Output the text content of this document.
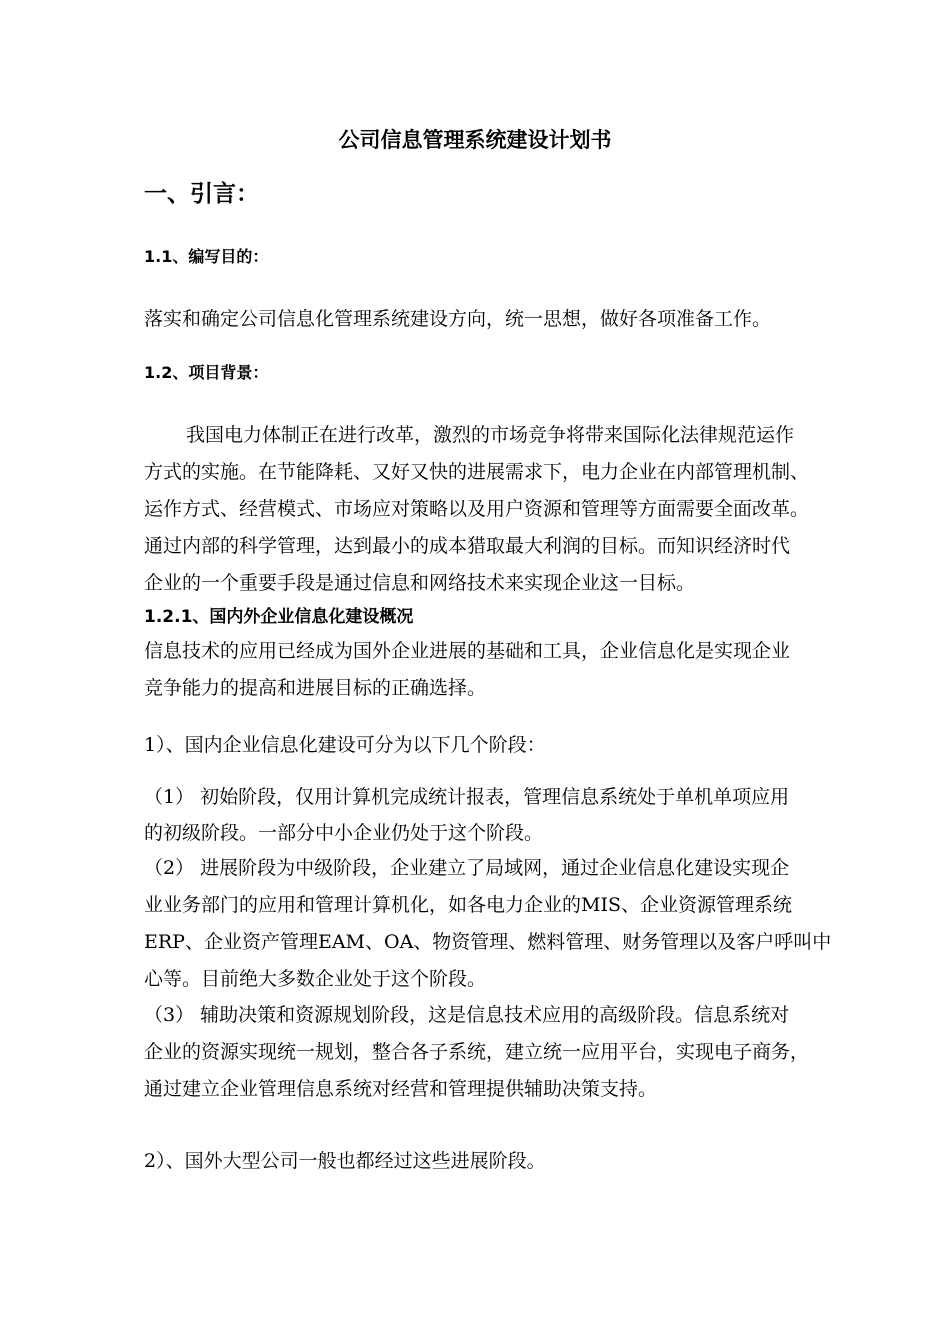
公司信息管理系统建设计划书
一、引言：
1.1、编写目的：
落实和确定公司信息化管理系统建设方向，统一思想，做好各项准备工作。
1.2、项目背景：
我国电力体制正在进行改革，激烈的市场竞争将带来国际化法律规范运作
方式的实施。在节能降耗、又好又快的进展需求下，电力企业在内部管理机制、
运作方式、经营模式、市场应对策略以及用户资源和管理等方面需要全面改革。
通过内部的科学管理，达到最小的成本猎取最大利润的目标。而知识经济时代
企业的一个重要手段是通过信息和网络技术来实现企业这一目标。
1.2.1、国内外企业信息化建设概况
信息技术的应用已经成为国外企业进展的基础和工具，企业信息化是实现企业
竞争能力的提高和进展目标的正确选择。
1）、国内企业信息化建设可分为以下几个阶段：
（1） 初始阶段，仅用计算机完成统计报表，管理信息系统处于单机单项应用
的初级阶段。一部分中小企业仍处于这个阶段。
（2） 进展阶段为中级阶段，企业建立了局域网，通过企业信息化建设实现企
业业务部门的应用和管理计算机化，如各电力企业的MIS、企业资源管理系统
ERP、企业资产管理EAM、OA、物资管理、燃料管理、财务管理以及客户呼叫中
心等。目前绝大多数企业处于这个阶段。
（3） 辅助决策和资源规划阶段，这是信息技术应用的高级阶段。信息系统对
企业的资源实现统一规划，整合各子系统，建立统一应用平台，实现电子商务，
通过建立企业管理信息系统对经营和管理提供辅助决策支持。
2）、国外大型公司一般也都经过这些进展阶段。
